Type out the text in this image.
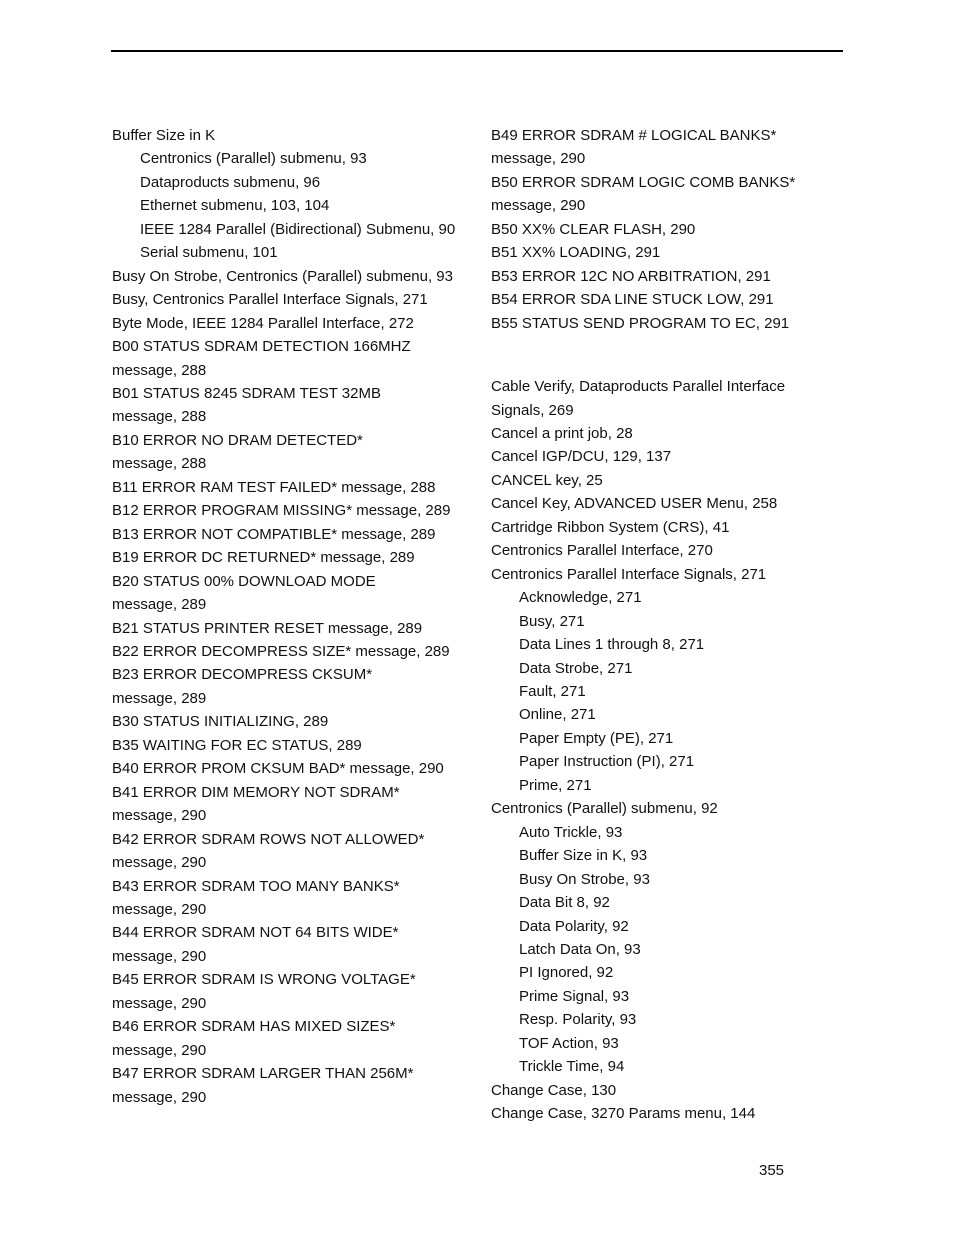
Buffer Size in K
Centronics (Parallel) submenu, 93
Dataproducts submenu, 96
Ethernet submenu, 103, 104
IEEE 1284 Parallel (Bidirectional) Submenu, 90
Serial submenu, 101
Busy On Strobe, Centronics (Parallel) submenu, 93
Busy, Centronics Parallel Interface Signals, 271
Byte Mode, IEEE 1284 Parallel Interface, 272
B00 STATUS SDRAM DETECTION 166MHZ
message, 288
B01 STATUS 8245 SDRAM TEST 32MB
message, 288
B10 ERROR NO DRAM DETECTED*
message, 288
B11 ERROR RAM TEST FAILED* message, 288
B12 ERROR PROGRAM MISSING* message, 289
B13 ERROR NOT COMPATIBLE* message, 289
B19 ERROR DC RETURNED* message, 289
B20 STATUS 00% DOWNLOAD MODE
message, 289
B21 STATUS PRINTER RESET message, 289
B22 ERROR DECOMPRESS SIZE* message, 289
B23 ERROR DECOMPRESS CKSUM*
message, 289
B30 STATUS INITIALIZING, 289
B35 WAITING FOR EC STATUS, 289
B40 ERROR PROM CKSUM BAD* message, 290
B41 ERROR DIM MEMORY NOT SDRAM*
message, 290
B42 ERROR SDRAM ROWS NOT ALLOWED*
message, 290
B43 ERROR SDRAM TOO MANY BANKS*
message, 290
B44 ERROR SDRAM NOT 64 BITS WIDE*
message, 290
B45 ERROR SDRAM IS WRONG VOLTAGE*
message, 290
B46 ERROR SDRAM HAS MIXED SIZES*
message, 290
B47 ERROR SDRAM LARGER THAN 256M*
message, 290
B49 ERROR SDRAM # LOGICAL BANKS*
message, 290
B50 ERROR SDRAM LOGIC COMB BANKS*
message, 290
B50 XX% CLEAR FLASH, 290
B51 XX% LOADING, 291
B53 ERROR 12C NO ARBITRATION, 291
B54 ERROR SDA LINE STUCK LOW, 291
B55 STATUS SEND PROGRAM TO EC, 291
Cable Verify, Dataproducts Parallel Interface
Signals, 269
Cancel a print job, 28
Cancel IGP/DCU, 129, 137
CANCEL key, 25
Cancel Key, ADVANCED USER Menu, 258
Cartridge Ribbon System (CRS), 41
Centronics Parallel Interface, 270
Centronics Parallel Interface Signals, 271
Acknowledge, 271
Busy, 271
Data Lines 1 through 8, 271
Data Strobe, 271
Fault, 271
Online, 271
Paper Empty (PE), 271
Paper Instruction (PI), 271
Prime, 271
Centronics (Parallel) submenu, 92
Auto Trickle, 93
Buffer Size in K, 93
Busy On Strobe, 93
Data Bit 8, 92
Data Polarity, 92
Latch Data On, 93
PI Ignored, 92
Prime Signal, 93
Resp. Polarity, 93
TOF Action, 93
Trickle Time, 94
Change Case, 130
Change Case, 3270 Params menu, 144
355
